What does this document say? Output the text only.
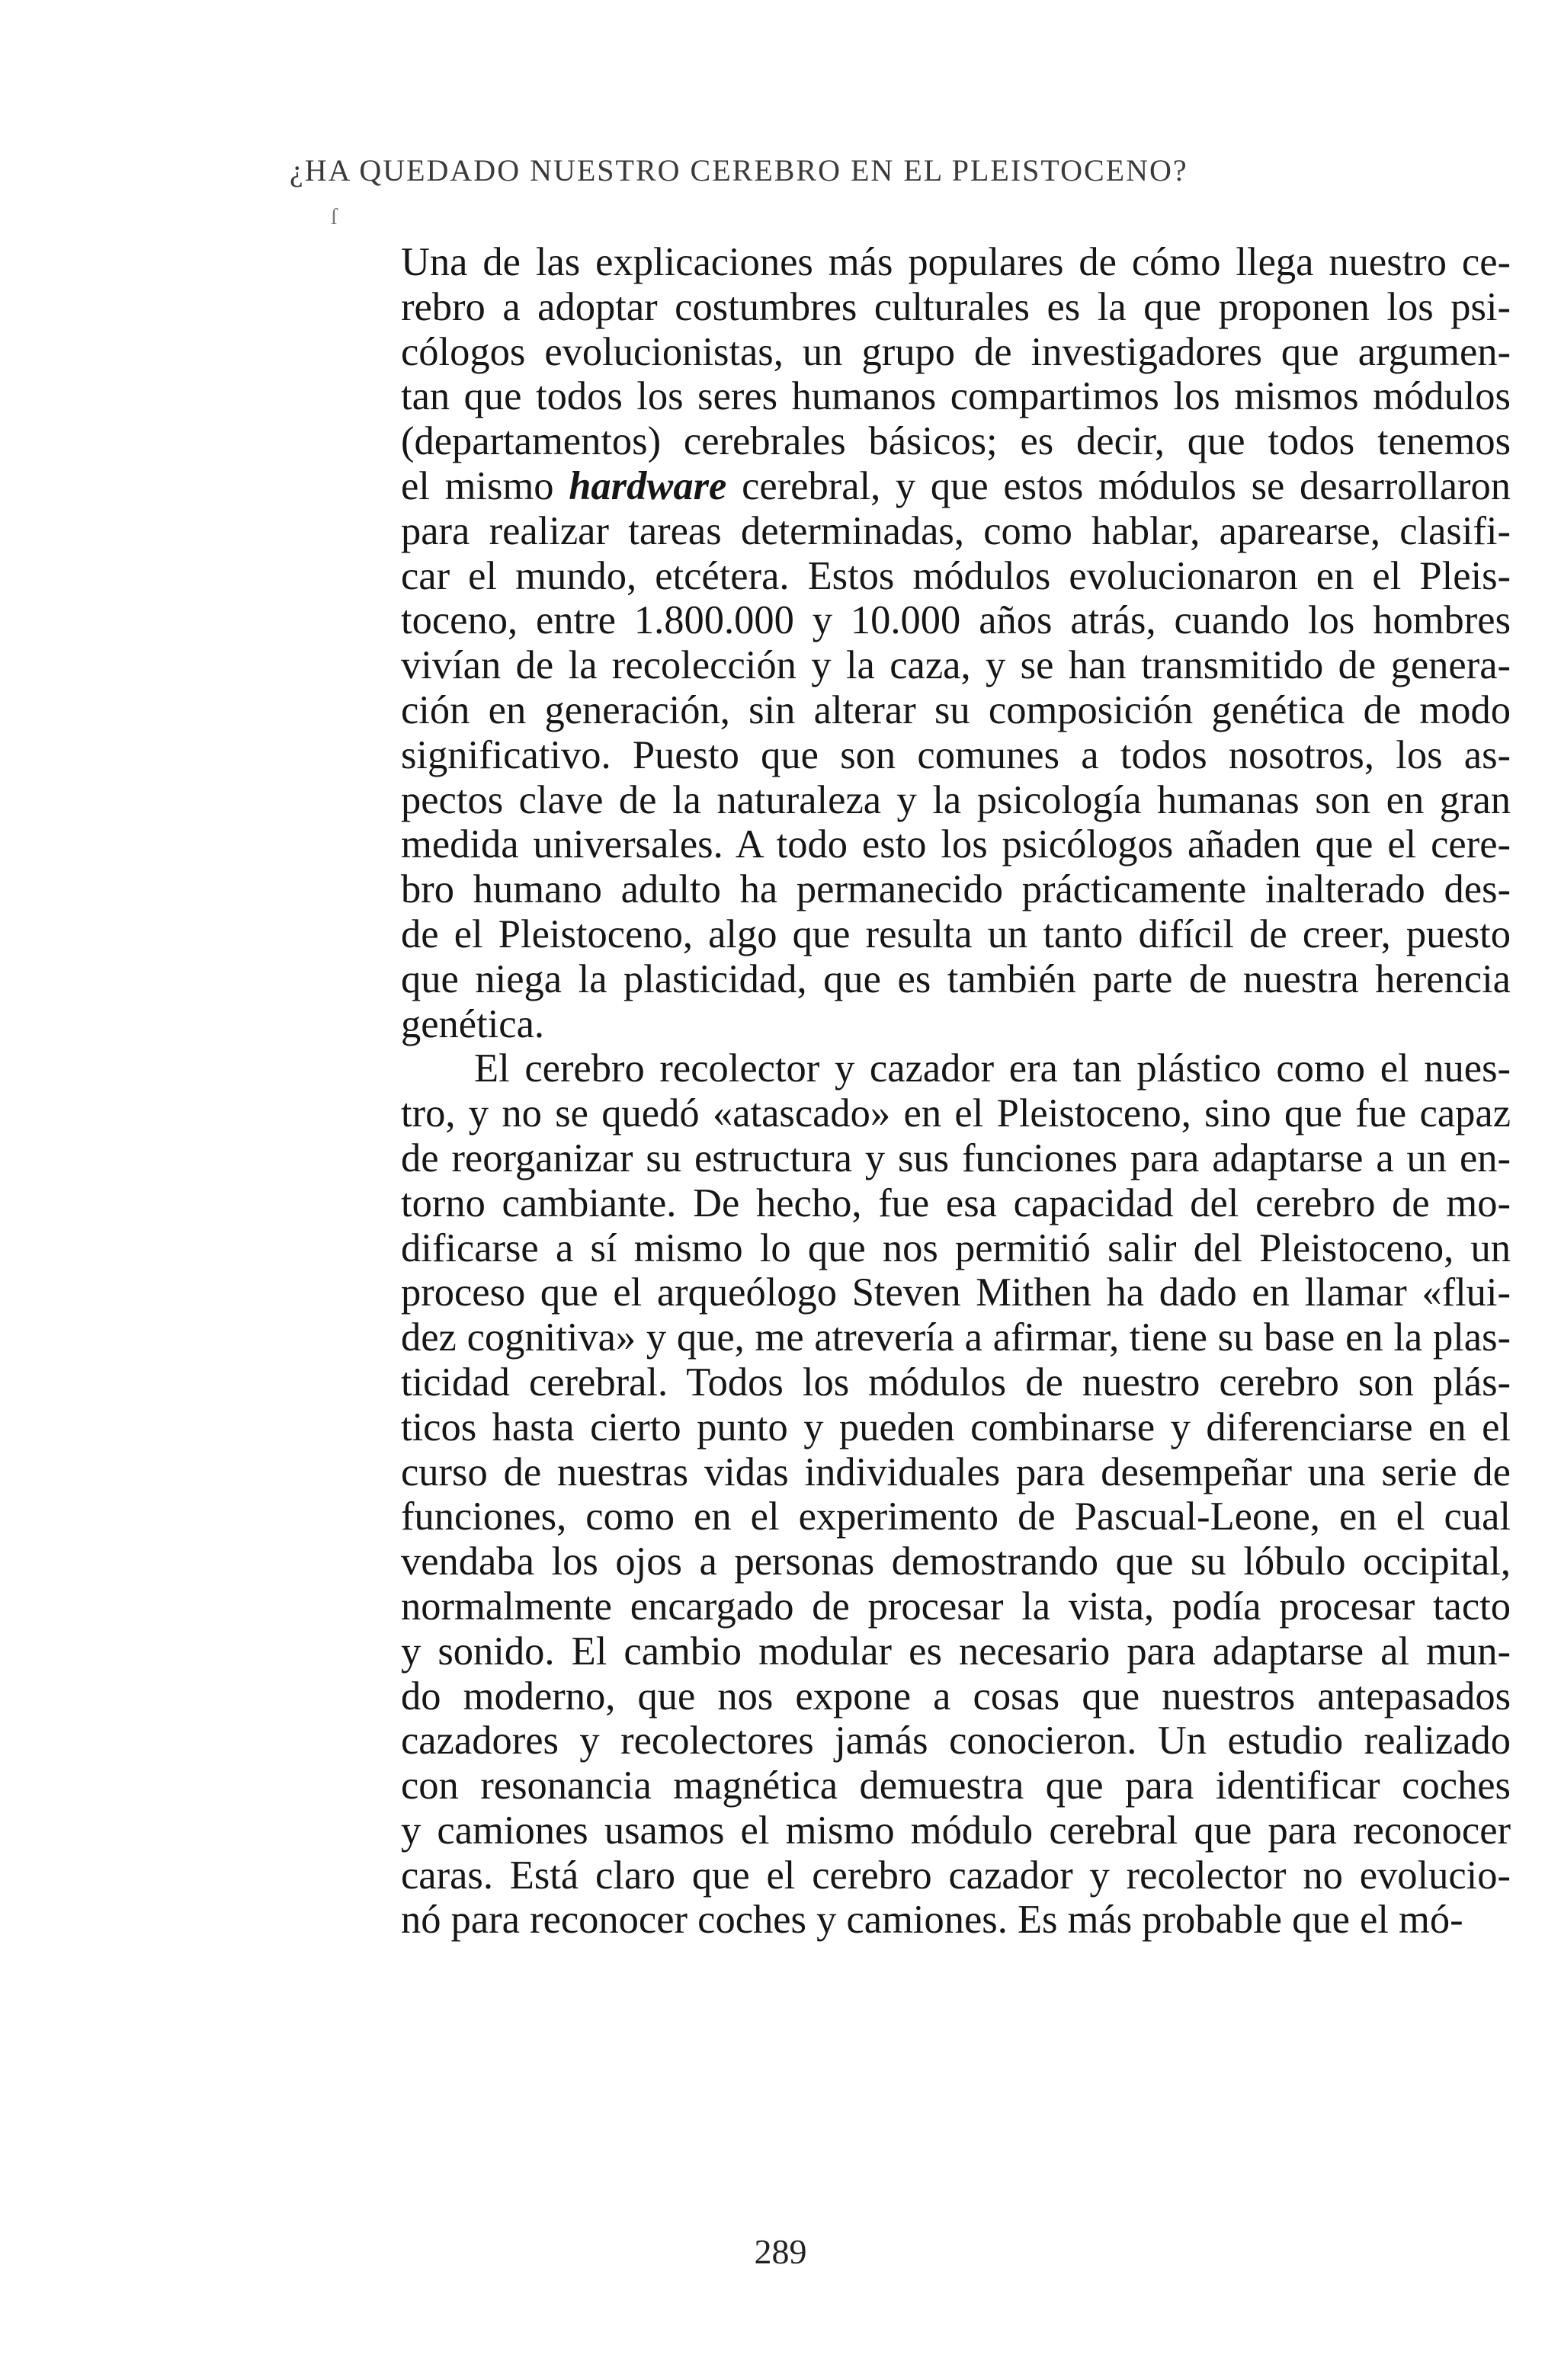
¿HA QUEDADO NUESTRO CEREBRO EN EL PLEISTOCENO?
ſ

Una de las explicaciones más populares de cómo llega nuestro ce-
rebro a adoptar costumbres culturales es la que proponen los psi-
cólogos evolucionistas, un grupo de investigadores que argumen-
tan que todos los seres humanos compartimos los mismos módulos
(departamentos) cerebrales básicos; es decir, que todos tenemos
el mismo hardware cerebral, y que estos módulos se desarrollaron
para realizar tareas determinadas, como hablar, aparearse, clasifi-
car el mundo, etcétera. Estos módulos evolucionaron en el Pleis-
toceno, entre 1.800.000 y 10.000 años atrás, cuando los hombres
vivían de la recolección y la caza, y se han transmitido de genera-
ción en generación, sin alterar su composición genética de modo
significativo. Puesto que son comunes a todos nosotros, los as-
pectos clave de la naturaleza y la psicología humanas son en gran
medida universales. A todo esto los psicólogos añaden que el cere-
bro humano adulto ha permanecido prácticamente inalterado des-
de el Pleistoceno, algo que resulta un tanto difícil de creer, puesto
que niega la plasticidad, que es también parte de nuestra herencia
genética.

El cerebro recolector y cazador era tan plástico como el nues-
tro, y no se quedó «atascado» en el Pleistoceno, sino que fue capaz
de reorganizar su estructura y sus funciones para adaptarse a un en-
torno cambiante. De hecho, fue esa capacidad del cerebro de mo-
dificarse a sí mismo lo que nos permitió salir del Pleistoceno, un
proceso que el arqueólogo Steven Mithen ha dado en llamar «flui-
dez cognitiva» y que, me atrevería a afirmar, tiene su base en la plas-
ticidad cerebral. Todos los módulos de nuestro cerebro son plás-
ticos hasta cierto punto y pueden combinarse y diferenciarse en el
curso de nuestras vidas individuales para desempeñar una serie de
funciones, como en el experimento de Pascual-Leone, en el cual
vendaba los ojos a personas demostrando que su lóbulo occipital,
normalmente encargado de procesar la vista, podía procesar tacto
y sonido. El cambio modular es necesario para adaptarse al mun-
do moderno, que nos expone a cosas que nuestros antepasados
cazadores y recolectores jamás conocieron. Un estudio realizado
con resonancia magnética demuestra que para identificar coches
y camiones usamos el mismo módulo cerebral que para reconocer
caras. Está claro que el cerebro cazador y recolector no evolucio-
nó para reconocer coches y camiones. Es más probable que el mó-

289
